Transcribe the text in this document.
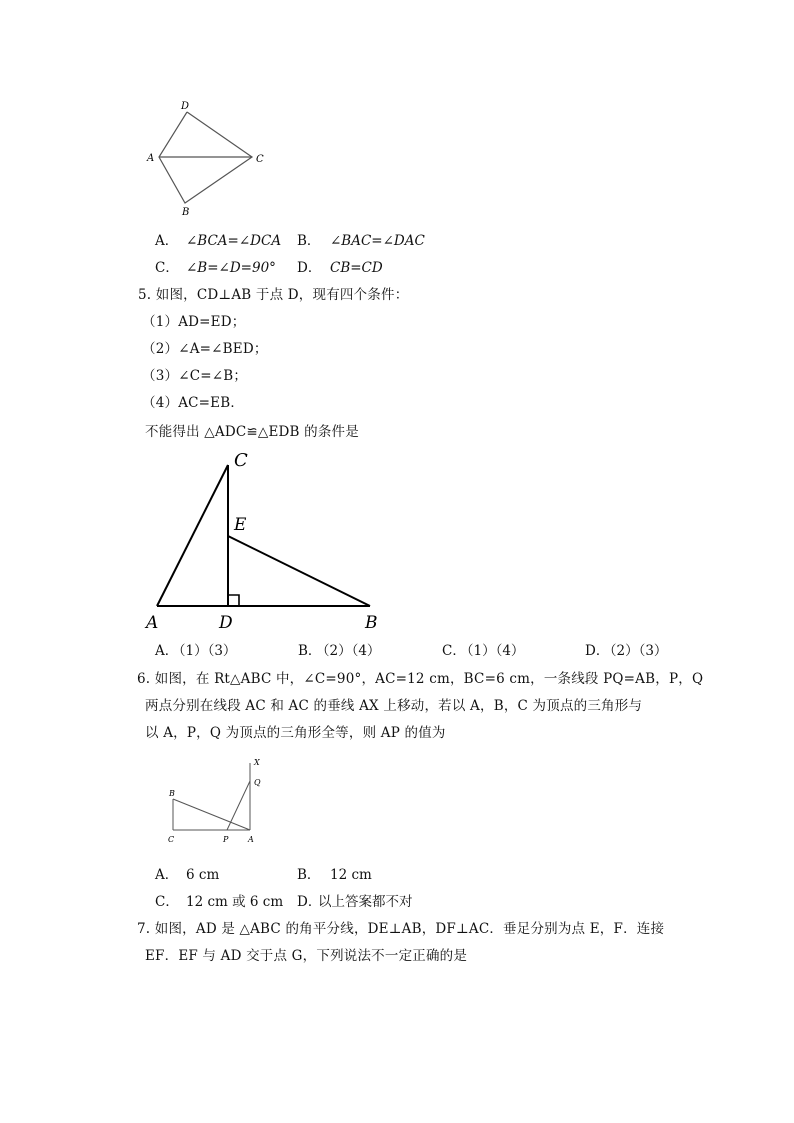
D
A	C
B
A． ∠BCA=∠DCA B． ∠BAC=∠DAC
C． ∠B=∠D=90° D． CB=CD
5. 如图，CD⊥AB 于点 D，现有四个条件：
（1）AD=ED；
（2）∠A=∠BED；
（3）∠C=∠B；
（4）AC=EB．
不能得出 △ADC≌△EDB 的条件是
C
E
A	D	B
A．
（1）（3）	B．
（2）（4）	C．
（1）（4）	D．
（2）（3）
6. 如图，在 Rt△ABC 中，∠C=90°，AC=12 cm，BC=6 cm，一条线段 PQ=AB，P，Q
两点分别在线段 AC 和 AC 的垂线 AX 上移动，若以 A，B，C 为顶点的三角形与
以 A，P，Q 为顶点的三角形全等，则 AP 的值为
X
Q
B
C	P A
A． 6 cm	B． 12 cm
C． 12 cm 或 6 cm D．
以上答案都不对
7. 如图，AD 是 △ABC 的角平分线，DE⊥AB，DF⊥AC．垂足分别为点 E，F．连接
EF．EF 与 AD 交于点 G，下列说法不一定正确的是
